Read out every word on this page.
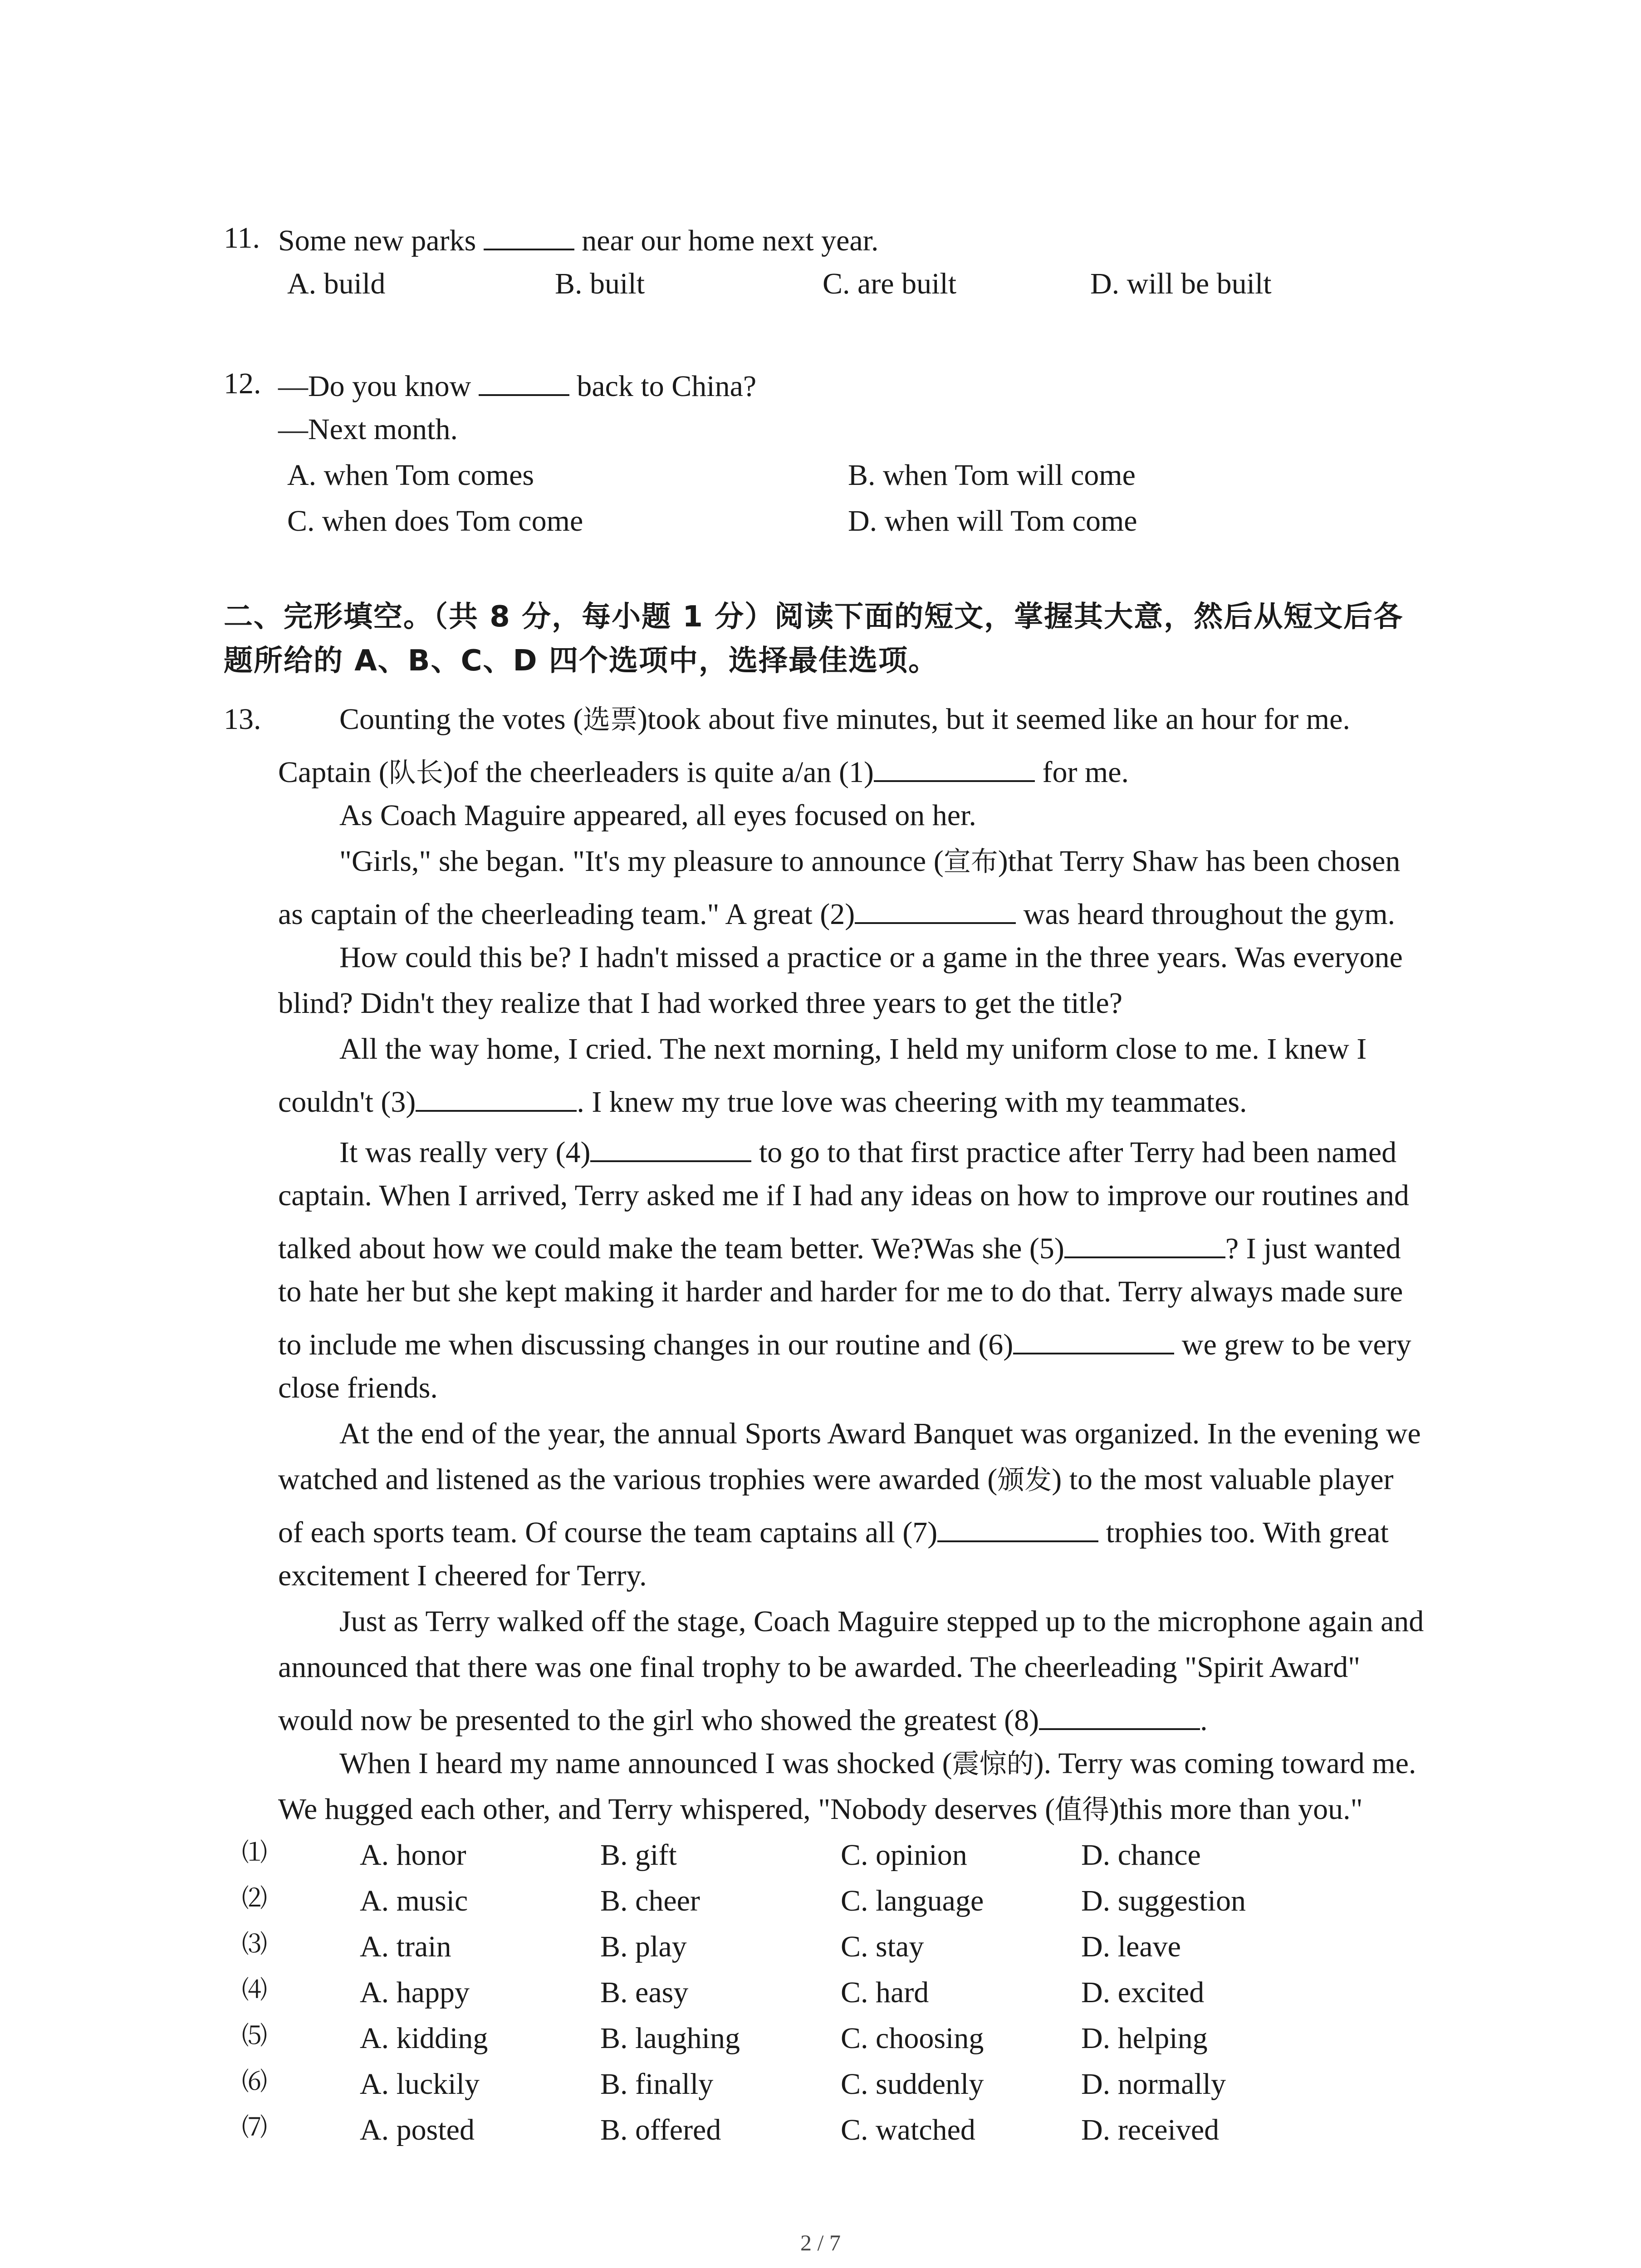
11. Some new parks	near our home next year.
A. build	B. built	C. are built	D. will be built
12. —Do you know	back to China?
—Next month.
A. when Tom comes	B. when Tom will come
C. when does Tom come	D. when will Tom come
二、完形填空。（共 8 分，每小题 1 分）阅读下面的短文，掌握其大意，然后从短文后各
题所给的 A、B、C、D 四个选项中，选择最佳选项。
13.	Counting the votes (选票)took about five minutes, but it seemed like an hour for me.
Captain (队长)of the cheerleaders is quite a/an (1)	for me.
As Coach Maguire appeared, all eyes focused on her.
"Girls," she began. "It's my pleasure to announce (宣布)that Terry Shaw has been chosen
as captain of the cheerleading team." A great (2)	was heard throughout the gym.
How could this be? I hadn't missed a practice or a game in the three years. Was everyone
blind? Didn't they realize that I had worked three years to get the title?
All the way home, I cried. The next morning, I held my uniform close to me. I knew I
couldn't (3)	. I knew my true love was cheering with my teammates.
It was really very (4)	to go to that first practice after Terry had been named
captain. When I arrived, Terry asked me if I had any ideas on how to improve our routines and
talked about how we could make the team better. We?Was she (5)	? I just wanted
to hate her but she kept making it harder and harder for me to do that. Terry always made sure
to include me when discussing changes in our routine and (6)	we grew to be very
close friends.
At the end of the year, the annual Sports Award Banquet was organized. In the evening we
watched and listened as the various trophies were awarded (颁发) to the most valuable player
of each sports team. Of course the team captains all (7)	trophies too. With great
excitement I cheered for Terry.
Just as Terry walked off the stage, Coach Maguire stepped up to the microphone again and
announced that there was one final trophy to be awarded. The cheerleading "Spirit Award"
would now be presented to the girl who showed the greatest (8)	.
When I heard my name announced I was shocked (震惊的). Terry was coming toward me.
We hugged each other, and Terry whispered, "Nobody deserves (值得)this more than you."
⑴	A. honor	B. gift	C. opinion	D. chance
⑵	A. music	B. cheer	C. language	D. suggestion
⑶	A. train	B. play	C. stay	D. leave
⑷	A. happy	B. easy	C. hard	D. excited
⑸	A. kidding	B. laughing	C. choosing	D. helping
⑹	A. luckily	B. finally	C. suddenly	D. normally
⑺	A. posted	B. offered	C. watched	D. received
2 / 7
